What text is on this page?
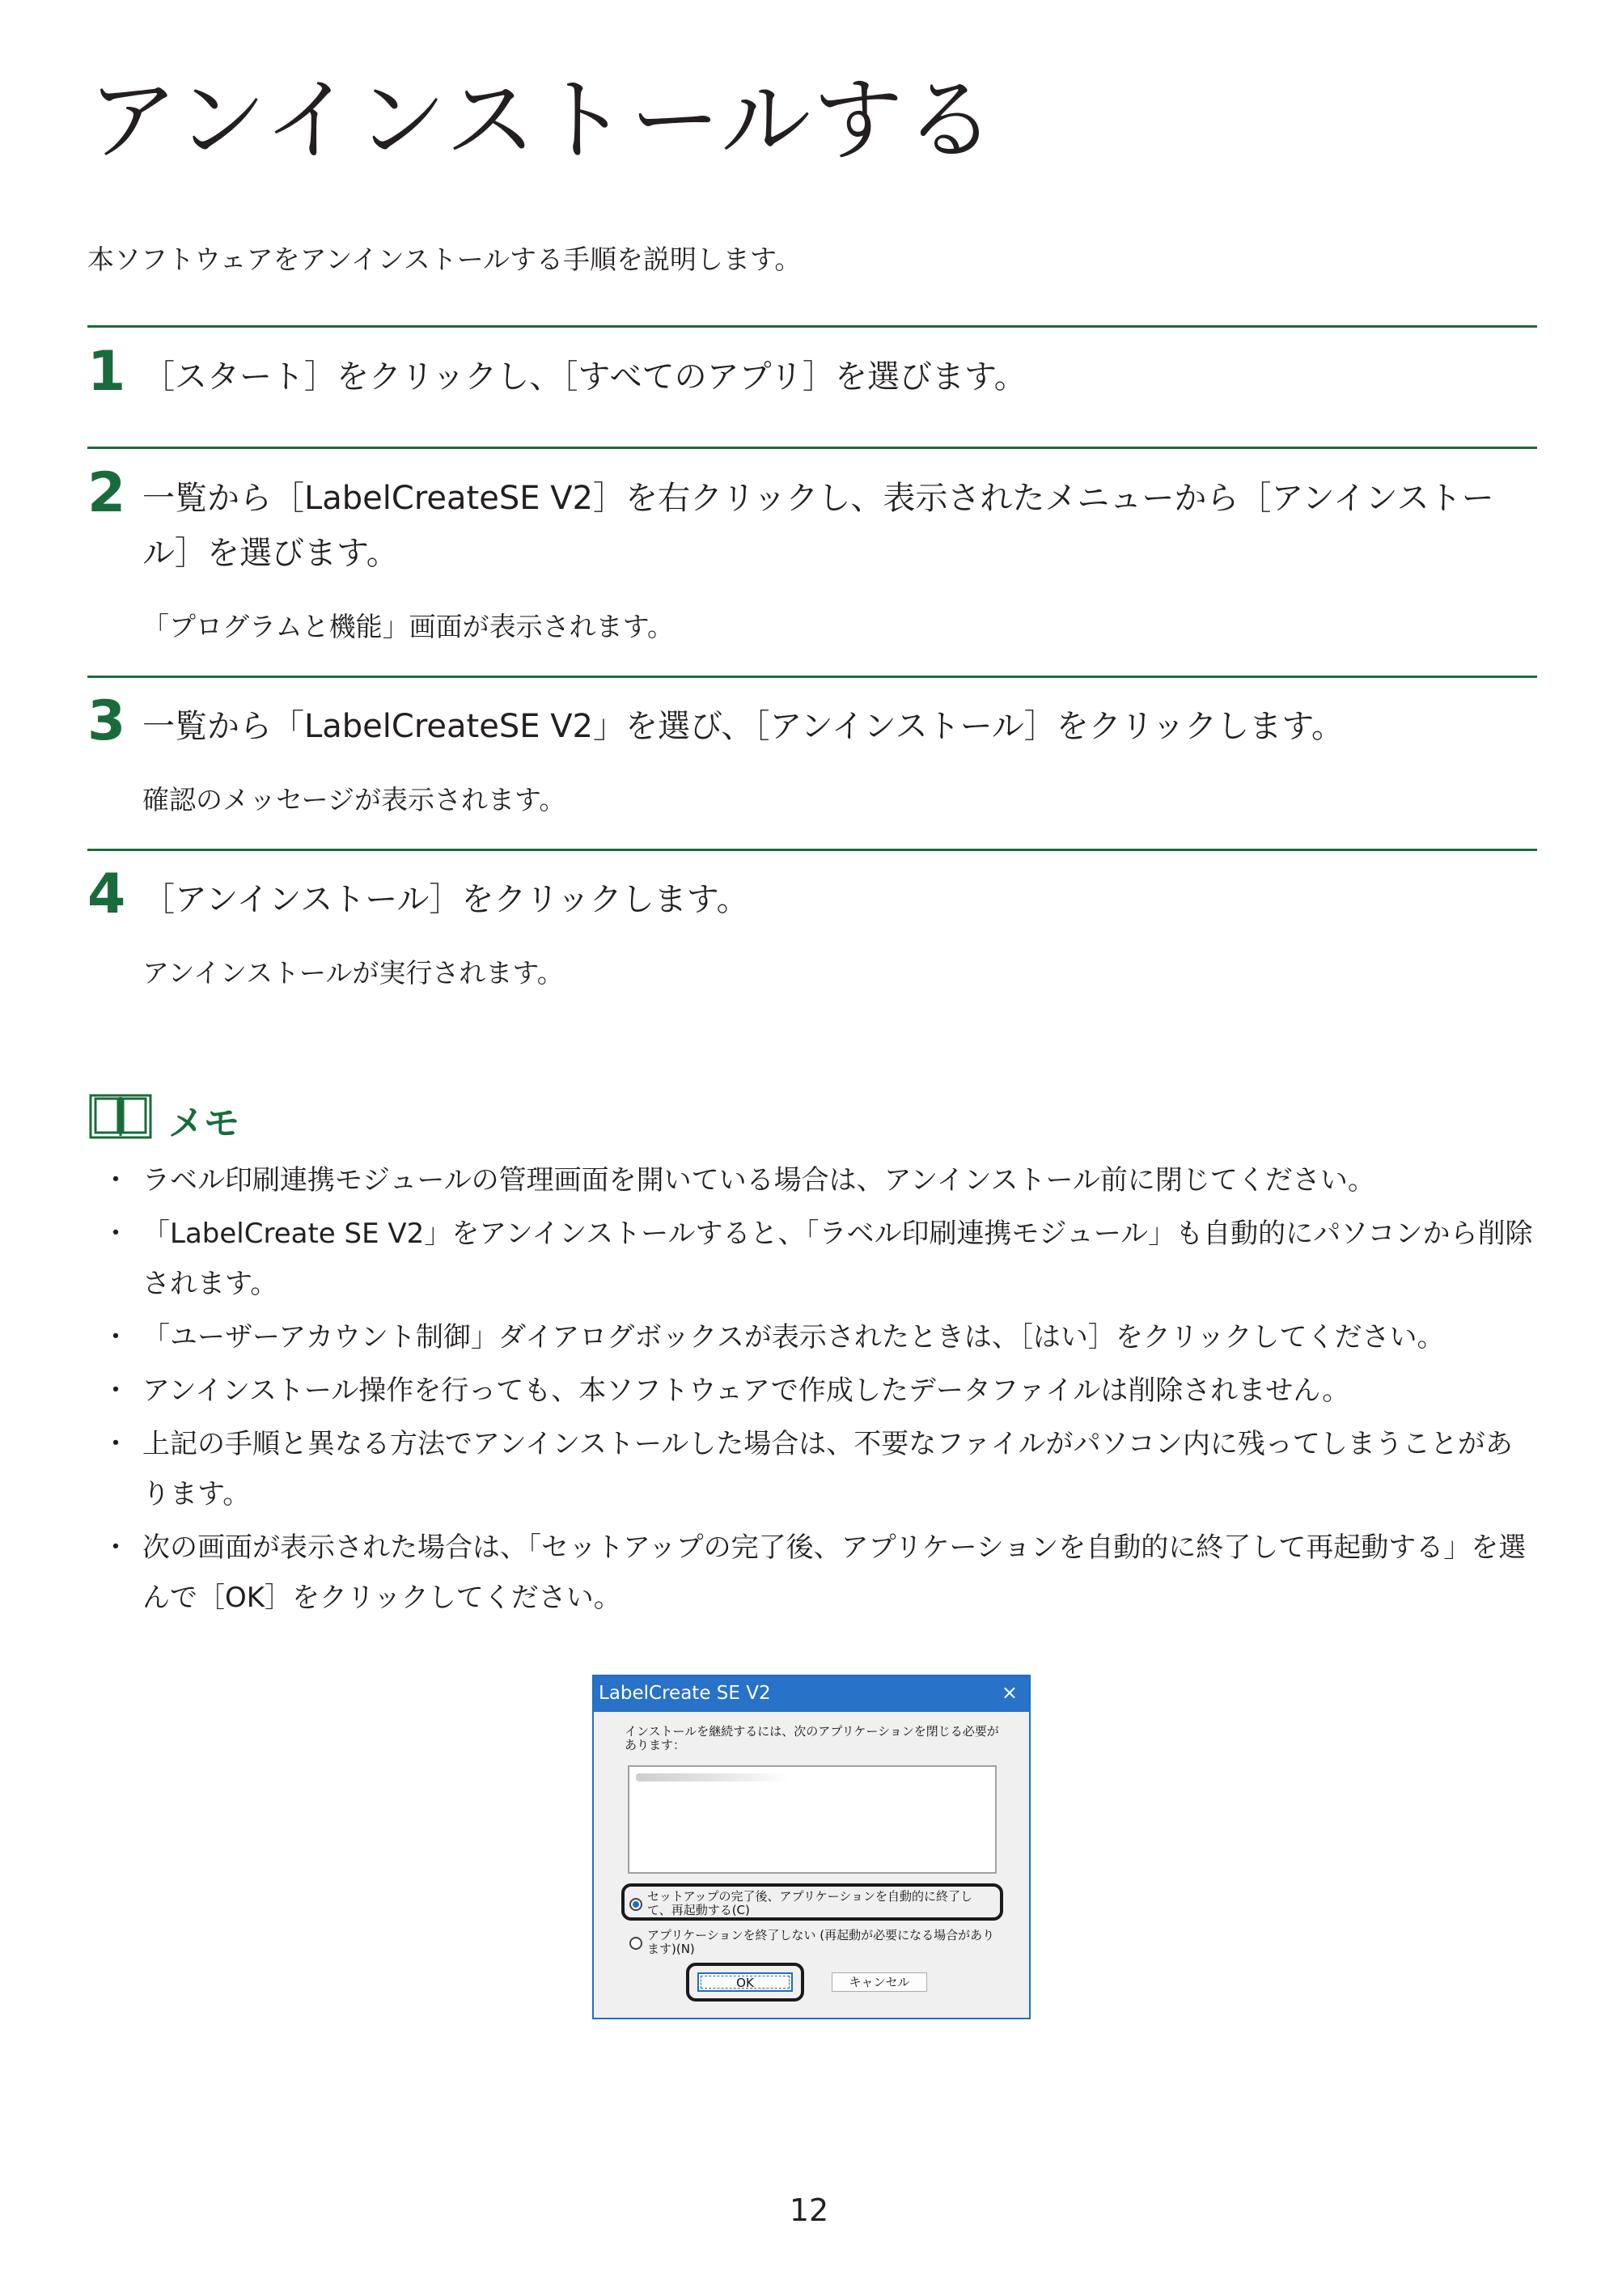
アンインストールする
本ソフトウェアをアンインストールする手順を説明します。
1 ［スタート］をクリックし、［すべてのアプリ］を選びます。
2 一覧から［LabelCreateSE V2］を右クリックし、表示されたメニューから［アンインストール］を選びます。
「プログラムと機能」画面が表示されます。
3 一覧から「LabelCreateSE V2」を選び、［アンインストール］をクリックします。
確認のメッセージが表示されます。
4 ［アンインストール］をクリックします。
アンインストールが実行されます。
メモ
・ ラベル印刷連携モジュールの管理画面を開いている場合は、アンインストール前に閉じてください。
・ 「LabelCreate SE V2」をアンインストールすると、「ラベル印刷連携モジュール」も自動的にパソコンから削除されます。
・ 「ユーザーアカウント制御」ダイアログボックスが表示されたときは、［はい］をクリックしてください。
・ アンインストール操作を行っても、本ソフトウェアで作成したデータファイルは削除されません。
・ 上記の手順と異なる方法でアンインストールした場合は、不要なファイルがパソコン内に残ってしまうことがあります。
・ 次の画面が表示された場合は、「セットアップの完了後、アプリケーションを自動的に終了して再起動する」を選んで［OK］をクリックしてください。
LabelCreate SE V2	×
インストールを継続するには、次のアプリケーションを閉じる必要があります：
セットアップの完了後、アプリケーションを自動的に終了して、再起動する(C)
アプリケーションを終了しない (再起動が必要になる場合があります)(N)
OK	キャンセル
12
